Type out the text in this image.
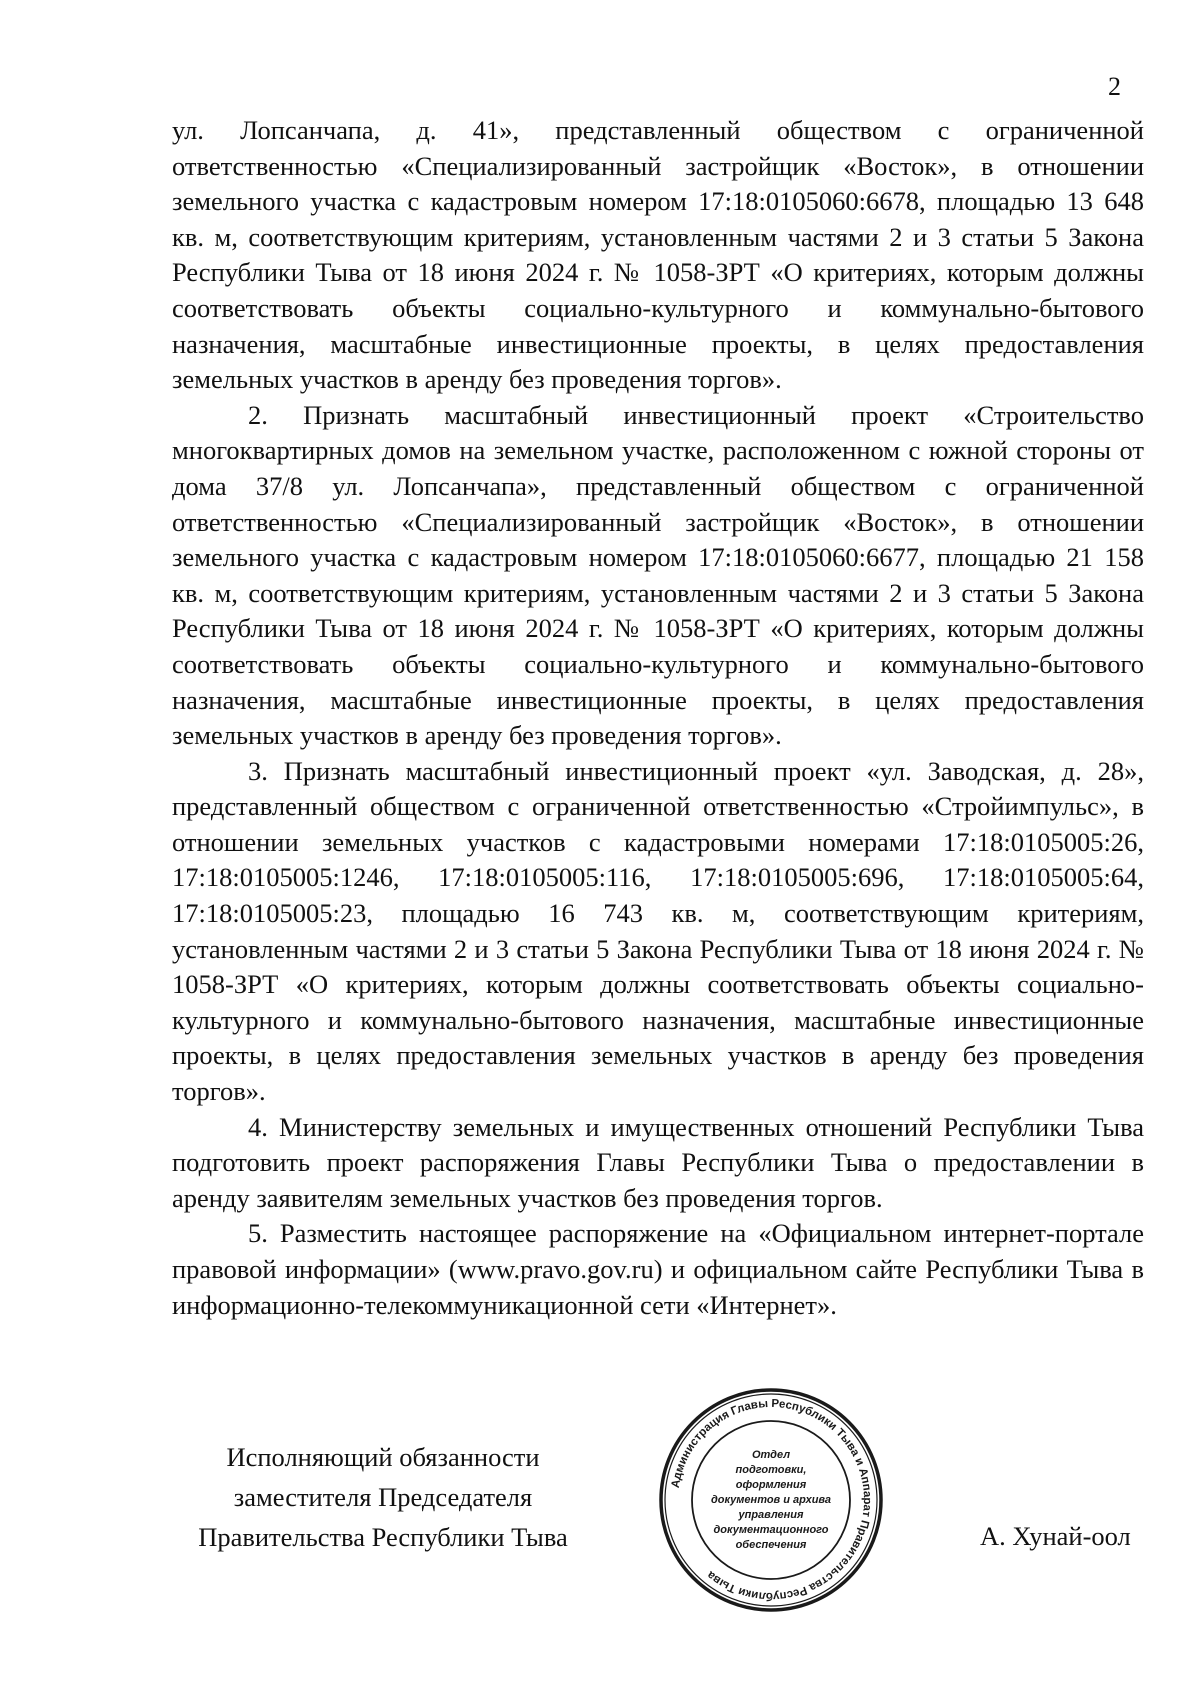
2

ул. Лопсанчапа, д. 41», представленный обществом с ограниченной ответственностью «Специализированный застройщик «Восток», в отношении земельного участка с кадастровым номером 17:18:0105060:6678, площадью 13 648 кв. м, соответствующим критериям, установленным частями 2 и 3 статьи 5 Закона Республики Тыва от 18 июня 2024 г. № 1058-ЗРТ «О критериях, которым должны соответствовать объекты социально-культурного и коммунально-бытового назначения, масштабные инвестиционные проекты, в целях предоставления земельных участков в аренду без проведения торгов».

2. Признать масштабный инвестиционный проект «Строительство многоквартирных домов на земельном участке, расположенном с южной стороны от дома 37/8 ул. Лопсанчапа», представленный обществом с ограниченной ответственностью «Специализированный застройщик «Восток», в отношении земельного участка с кадастровым номером 17:18:0105060:6677, площадью 21 158 кв. м, соответствующим критериям, установленным частями 2 и 3 статьи 5 Закона Республики Тыва от 18 июня 2024 г. № 1058-ЗРТ «О критериях, которым должны соответствовать объекты социально-культурного и коммунально-бытового назначения, масштабные инвестиционные проекты, в целях предоставления земельных участков в аренду без проведения торгов».

3. Признать масштабный инвестиционный проект «ул. Заводская, д. 28», представленный обществом с ограниченной ответственностью «Стройимпульс», в отношении земельных участков с кадастровыми номерами 17:18:0105005:26, 17:18:0105005:1246, 17:18:0105005:116, 17:18:0105005:696, 17:18:0105005:64, 17:18:0105005:23, площадью 16 743 кв. м, соответствующим критериям, установленным частями 2 и 3 статьи 5 Закона Республики Тыва от 18 июня 2024 г. № 1058-ЗРТ «О критериях, которым должны соответствовать объекты социально-культурного и коммунально-бытового назначения, масштабные инвестиционные проекты, в целях предоставления земельных участков в аренду без проведения торгов».

4. Министерству земельных и имущественных отношений Республики Тыва подготовить проект распоряжения Главы Республики Тыва о предоставлении в аренду заявителям земельных участков без проведения торгов.

5. Разместить настоящее распоряжение на «Официальном интернет-портале правовой информации» (www.pravo.gov.ru) и официальном сайте Республики Тыва в информационно-телекоммуникационной сети «Интернет».

Исполняющий обязанности
заместителя Председателя
Правительства Республики Тыва
Администрация Главы Республики Тыва и Аппарат Правительства Республики Тыва
Отдел
подготовки,
оформления
документов и архива
управления
документационного
обеспечения	А. Хунай-оол
